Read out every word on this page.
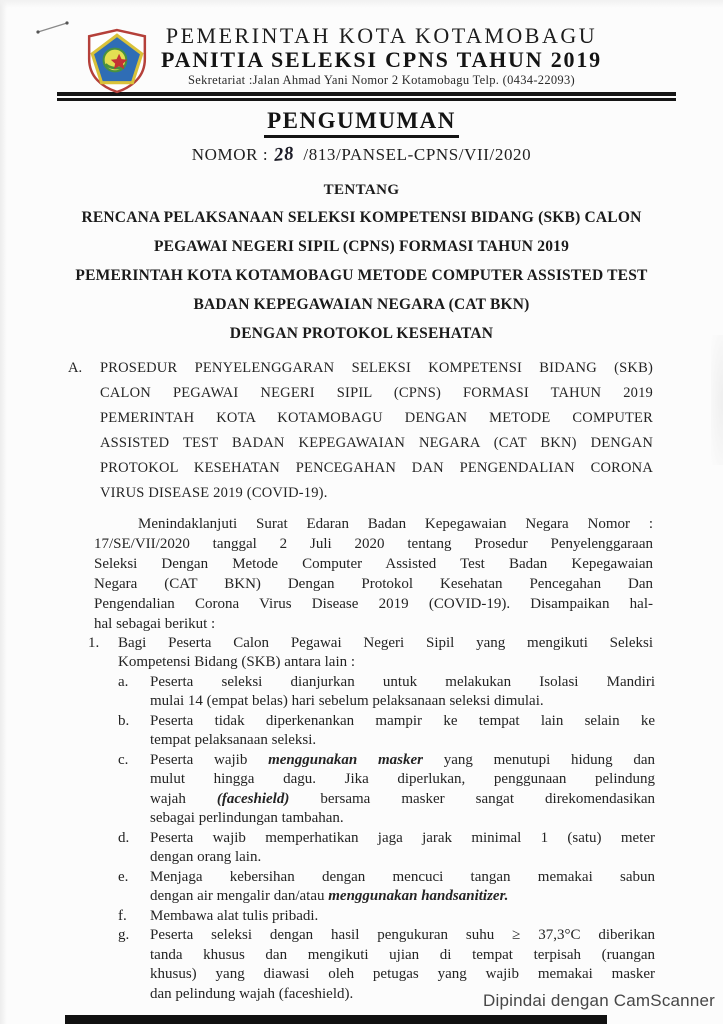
PEMERINTAH KOTA KOTAMOBAGU
PANITIA SELEKSI CPNS TAHUN 2019
Sekretariat :Jalan Ahmad Yani Nomor 2 Kotamobagu Telp. (0434-22093)
PENGUMUMAN
NOMOR : 28 /813/PANSEL-CPNS/VII/2020
TENTANG
RENCANA PELAKSANAAN SELEKSI KOMPETENSI BIDANG (SKB) CALON
PEGAWAI NEGERI SIPIL (CPNS) FORMASI TAHUN 2019
PEMERINTAH KOTA KOTAMOBAGU METODE COMPUTER ASSISTED TEST
BADAN KEPEGAWAIAN NEGARA (CAT BKN)
DENGAN PROTOKOL KESEHATAN
A. PROSEDUR PENYELENGGARAN SELEKSI KOMPETENSI BIDANG (SKB)
CALON PEGAWAI NEGERI SIPIL (CPNS) FORMASI TAHUN 2019
PEMERINTAH KOTA KOTAMOBAGU DENGAN METODE COMPUTER
ASSISTED TEST BADAN KEPEGAWAIAN NEGARA (CAT BKN) DENGAN
PROTOKOL KESEHATAN PENCEGAHAN DAN PENGENDALIAN CORONA
VIRUS DISEASE 2019 (COVID-19).
Menindaklanjuti Surat Edaran Badan Kepegawaian Negara Nomor :
17/SE/VII/2020 tanggal 2 Juli 2020 tentang Prosedur Penyelenggaraan
Seleksi Dengan Metode Computer Assisted Test Badan Kepegawaian
Negara (CAT BKN) Dengan Protokol Kesehatan Pencegahan Dan
Pengendalian Corona Virus Disease 2019 (COVID-19). Disampaikan hal-
hal sebagai berikut :
1. Bagi Peserta Calon Pegawai Negeri Sipil yang mengikuti Seleksi
Kompetensi Bidang (SKB) antara lain :
a. Peserta seleksi dianjurkan untuk melakukan Isolasi Mandiri
mulai 14 (empat belas) hari sebelum pelaksanaan seleksi dimulai.
b. Peserta tidak diperkenankan mampir ke tempat lain selain ke
tempat pelaksanaan seleksi.
c. Peserta wajib menggunakan masker yang menutupi hidung dan
mulut hingga dagu. Jika diperlukan, penggunaan pelindung
wajah (faceshield) bersama masker sangat direkomendasikan
sebagai perlindungan tambahan.
d. Peserta wajib memperhatikan jaga jarak minimal 1 (satu) meter
dengan orang lain.
e. Menjaga kebersihan dengan mencuci tangan memakai sabun
dengan air mengalir dan/atau menggunakan handsanitizer.
f. Membawa alat tulis pribadi.
g. Peserta seleksi dengan hasil pengukuran suhu ≥ 37,3°C diberikan
tanda khusus dan mengikuti ujian di tempat terpisah (ruangan
khusus) yang diawasi oleh petugas yang wajib memakai masker
dan pelindung wajah (faceshield).	Dipindai dengan CamScanner
